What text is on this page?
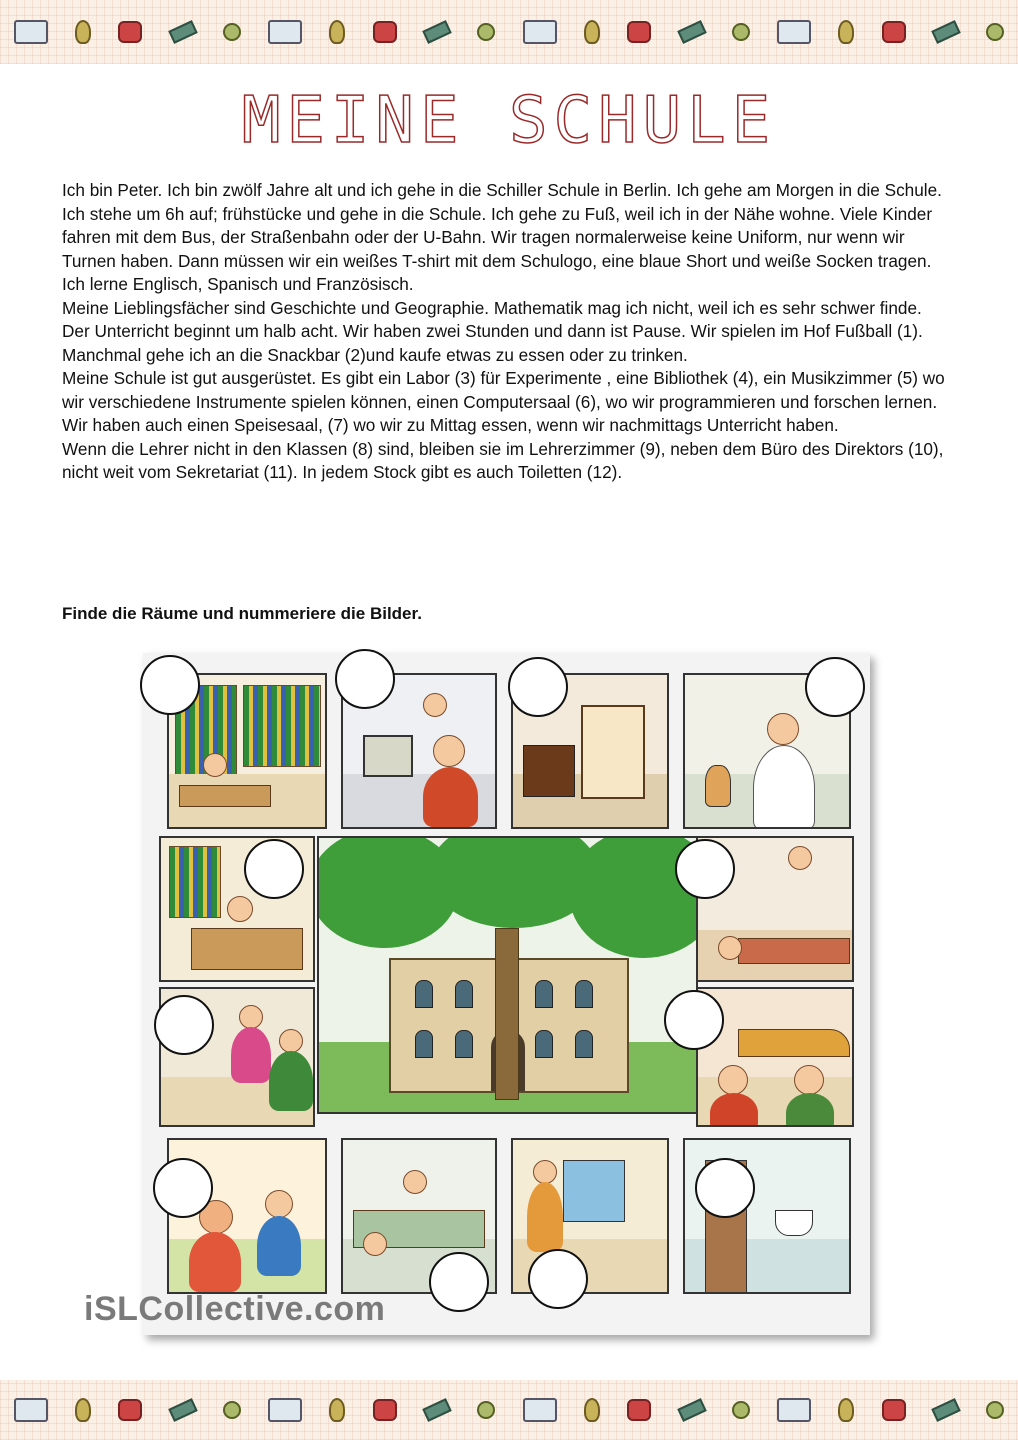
MEINE SCHULE

Ich bin Peter. Ich bin zwölf Jahre alt und ich gehe in die Schiller Schule in Berlin. Ich gehe am Morgen in die Schule. Ich stehe um 6h auf; frühstücke und gehe in die Schule. Ich gehe zu Fuß, weil ich in der Nähe wohne. Viele Kinder fahren mit dem Bus, der Straßenbahn oder der U-Bahn. Wir tragen normalerweise keine Uniform, nur wenn wir Turnen haben. Dann müssen wir ein weißes T-shirt mit dem Schulogo, eine blaue Short und weiße Socken tragen.

Ich lerne Englisch, Spanisch und Französisch.

Meine Lieblingsfächer sind Geschichte und Geographie. Mathematik mag ich nicht, weil ich es sehr schwer finde.

Der Unterricht beginnt um halb acht. Wir haben zwei Stunden und dann ist Pause. Wir spielen im Hof Fußball (1). Manchmal gehe ich an die Snackbar (2)und kaufe etwas zu essen oder zu trinken.

Meine Schule ist gut ausgerüstet. Es gibt ein Labor (3) für Experimente , eine Bibliothek (4), ein Musikzimmer (5) wo wir verschiedene Instrumente spielen können, einen Computersaal (6), wo wir programmieren und forschen lernen. Wir haben auch einen Speisesaal, (7) wo wir zu Mittag essen, wenn wir nachmittags Unterricht haben.

Wenn die Lehrer nicht in den Klassen (8) sind, bleiben sie im Lehrerzimmer (9), neben dem Büro des Direktors (10), nicht weit vom Sekretariat (11). In jedem Stock gibt es auch Toiletten (12).

Finde die Räume und nummeriere die Bilder.

iSLCollective.com
